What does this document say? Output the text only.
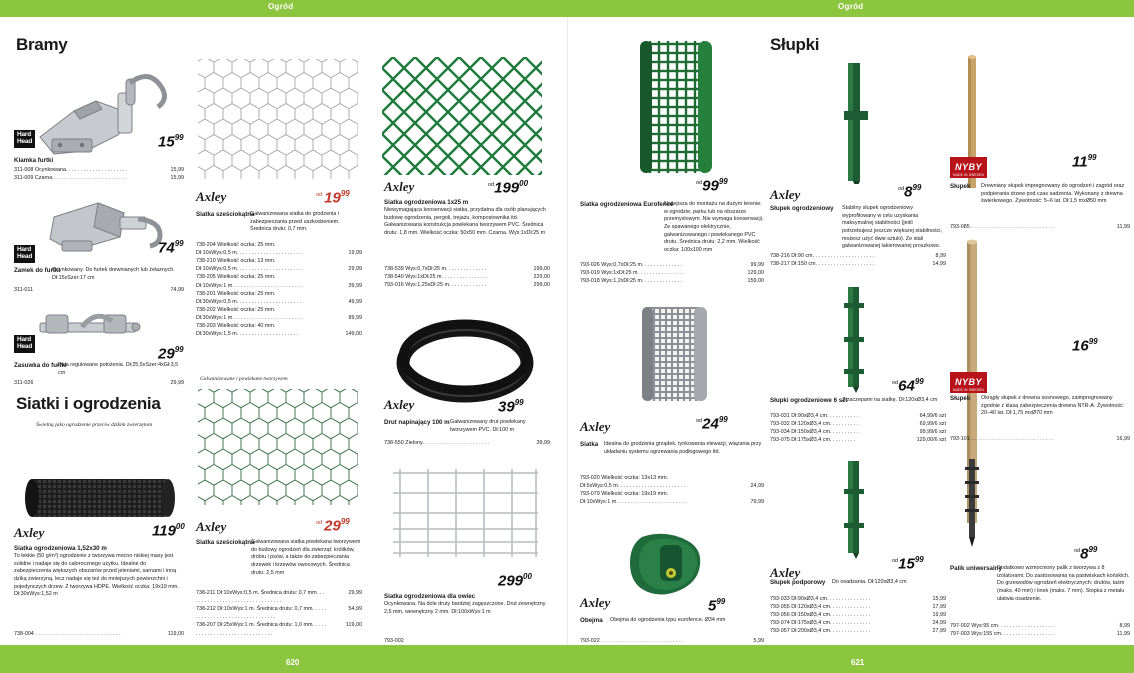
Ogród	Ogród
Bramy
Hard
Head	$15^{99}$
Klamka furtki
311-008 Ocynkowana. . . . . . . . . . . . . . . . . . . . .	15,99
311-009 Czarna. . . . . . . . . . . . . . . . . . . . . . . . .	15,99
Hard
Head	$74^{99}$
Zamek do furtki
Ocynkowany. Do furtek drewnianych lub żelaznych. Dł:15xSzer:17 cm
311-011	74,99
Hard
Head	$29^{99}$
Zasuwka do furtki
Dwa regulowane położenia. Dł:25,5xSzer:4xGł:3,5 cm
311-026	29,99
Siatki i ogrodzenia
Świetną jako ogrodzenie przeciw dzikim zwierzętom
Axley	$119^{00}$
Siatka ogrodzeniowa 1,52x30 m
To lekkie (50 g/m²) ogrodzenie z tworzywa mocno niskiej masy jest solidne i nadaje się do całorocznego użytku. Idealne do zabezpieczenia większych obszarów przed jeleniami, sarnami i inną dziką zwierzyną, lecz nadaje się też do mniejszych powierzchni i pojedynczych drzew. Z tworzywa HDPE. Wielkość oczka: 19x19 mm. Dł:30xWys:1,52 m
738-004 . . . . . . . . . . . . . . . . . . . . . . . . . . . . .	119,00
Axley	$^{od}$ $19^{99}$
Siatka sześciokątna
Galwanizowana siatka do grodzenia i zabezpieczania przed uszkodzeniem. Średnica drutu: 0,7 mm.
738-204 Wielkość oczka: 25 mm.
Dł:10xWys:0,5 m. . . . . . . . . . . . . . . . . . . . . .	19,99
738-210 Wielkość oczka: 13 mm.
Dł:10xWys:0,5 m. . . . . . . . . . . . . . . . . . . . . .	29,99
738-205 Wielkość oczka: 25 mm.
Dł:10xWys:1 m. . . . . . . . . . . . . . . . . . . . . . . .	39,99
738-201 Wielkość oczka: 25 mm.
Dł:30xWys:0,5 m. . . . . . . . . . . . . . . . . . . . . .	49,99
738-202 Wielkość oczka: 25 mm.
Dł:30xWys:1 m. . . . . . . . . . . . . . . . . . . . . . . .	89,99
738-203 Wielkość oczka: 40 mm.
Dł:30xWys:1,5 m. . . . . . . . . . . . . . . . . . . . .	149,00
Galwanizowane i powlekane tworzywem
Axley	$^{od}$ $29^{99}$
Siatka sześciokątna
Galwanizowana siatka powlekana tworzywem do budowy ogrodzeń dla zwierząt: królików, drobiu i psów, a także do zabezpieczania drzewek i krzewów owocowych. Średnica drutu: 2,5 mm
738-211 Dł:10xWys:0,5 m. Średnica drutu: 0,7 mm. . . . . . . . . . . . . . . . . . . . . . . . . . . . . . . .
29,99
738-212 Dł:10xWys:1 m. Średnica drutu: 0,7 mm. . . . . . . . . . . . . . . . . . . . . . . . . . . . . . . .
54,99
738-207 Dł:25xWys:1 m. Średnica drutu: 1,0 mm. . . . . . . . . . . . . . . . . . . . . . . . . . . . . . .
119,00
Axley	$^{od}199^{00}$
Siatka ogrodzeniowa 1x25 m
Niewymagająca konserwacji siatka, przydatna dla osób planujących budowę ogrodzenia, pergoli, trejażu, kompostownika itd. Galwanizowana konstrukcja powlekana tworzywem PVC. Średnica drutu: 1,8 mm. Wielkość oczka: 50x50 mm. Czarna. Wys:1xDł:25 m
738-539 Wys:0,7xDł:25 m. . . . . . . . . . . . . .	199,00
738-540 Wys:1xDł:25 m. . . . . . . . . . . . . . . .	229,00
793-016 Wys:1,25xDł:25 m. . . . . . . . . . . . .	299,00
Axley	$39^{99}$
Drut napinający 100 m Galwanizowany drut powlekany tworzywem PVC. Dł:100 m
738-550 Zielony. . . . . . . . . . . . . . . . . . . . . . .	39,99
$299^{00}$
Siatka ogrodzeniowa dla owiec
Ocynkowana. Na dole druty bardziej zagęszczone. Drut zewnętrzny 2,5 mm, wewnętrzny 2 mm. Dł:100xWys:1 m
793-002
$^{od}99^{99}$
Siatka ogrodzeniowa Eurofence
Najlepsza do montażu na dużym terenie: w ogrodzie, parku lub na obszarze przemysłowym. Nie wymaga konserwacji. Ze spawanego elektrycznie, galwanizowanego i powlekanego PVC drutu. Średnica drutu: 2,2 mm. Wielkość oczka: 100x100 mm
793-026 Wys:0,7xDł:25 m. . . . . . . . . . . . . .	99,99
793-019 Wys:1xDł:25 m. . . . . . . . . . . . . . . .	129,00
793-018 Wys:1,2xDł:25 m. . . . . . . . . . . . . .	159,00
Axley	$^{od}24^{99}$
Siatka Idealna do grodzenia grządek, tynkowania elewacji, wiązania przy układaniu systemu ogrzewania podłogowego itd.
793-020 Wielkość oczka: 13x13 mm.
Dł:5xWys:0,5 m. . . . . . . . . . . . . . . . . . . . . . .	24,99
793-079 Wielkość oczka: 19x19 mm.
Dł:10xWys:1 m. . . . . . . . . . . . . . . . . . . . . . . .	79,99
Axley	$5^{99}$
Obejma Obejma do ogrodzenia typu eurofence. Ø34 mm
793-022 . . . . . . . . . . . . . . . . . . . . . . . . . . . .	5,99
Słupki
Axley	$^{od}8^{99}$
Słupek ogrodzeniowy Stabilny słupek ogrodzeniowy wyprofilowany w celu uzyskania maksymalnej stabilności (jeśli potrzebujesz jeszcze większej stabilności, możesz użyć dwie sztuki). Ze stali galwanizowanej lakierowanej proszkowo.
738-216 Dł:90 cm. . . . . . . . . . . . . . . . . . . . .	8,99
738-217 Dł:150 cm. . . . . . . . . . . . . . . . . . . .	14,99
$^{od}64^{99}$
Słupki ogrodzeniowe 6 szt
Z zaczepami na siatkę. Dł:120xØ3,4 cm
793-031 Dł:90xØ3,4 cm. . . . . . . . . . .	64,99/6 szt
793-032 Dł:120xØ3,4 cm. . . . . . . . . .	69,99/6 szt
793-034 Dł:150xØ3,4 cm. . . . . . . . . .	99,99/6 szt
793-075 Dł:175xØ3,4 cm. . . . . . . . .	129,00/6 szt
Axley
$^{od}15^{99}$
Słupek podporowy Do osadzania. Dł:120xØ3,4 cm
793-033 Dł:90xØ3,4 cm. . . . . . . . . . . . . . .	15,99
793-055 Dł:120xØ3,4 cm. . . . . . . . . . . . . .	17,99
793-056 Dł:150xØ3,4 cm. . . . . . . . . . . . . .	19,99
793-074 Dł:175xØ3,4 cm. . . . . . . . . . . . . .	24,99
793-057 Dł:200xØ3,4 cm. . . . . . . . . . . . . .	27,99
NYBY
MADE IN SWEDEN
$11^{99}$
Słupek Drewniany słupek impregnowany do ogrodzeń i zagród oraz podpierania drzew pod czas sadzenia. Wykonany z drewna świerkowego. Żywotność: 5–6 lat. Dł:1,5 mxØ50 mm
793-085 . . . . . . . . . . . . . . . . . . . . . . . . . . . .	11,99
NYBY
MADE IN SWEDEN
$16^{99}$
Słupek Okrągły słupek z drewna sosnowego, zaimpregnowany zgodnie z klasą zabezpieczenia drewna NTR-A. Żywotność: 20–40 lat. Dł:1,75 mxØ70 mm
793-101 . . . . . . . . . . . . . . . . . . . . . . . . . . . .	16,99
$^{od}8^{99}$
Palik uniwersalny
Dodatkowo wzmocniony palik z tworzywa z 8 izolatorami. Do zastosowania na pastwiskach końskich. Do grzewodów ogrodzeń elektrycznych: drutów, taśm (maks. 40 mm) i linek (maks. 7 mm). Stopka z metalu ułatwia osadzenie.
797-002 Wys:95 cm. . . . . . . . . . . . . . . . . . .	8,99
797-003 Wys:155 cm. . . . . . . . . . . . . . . . . .	11,99
620	621
